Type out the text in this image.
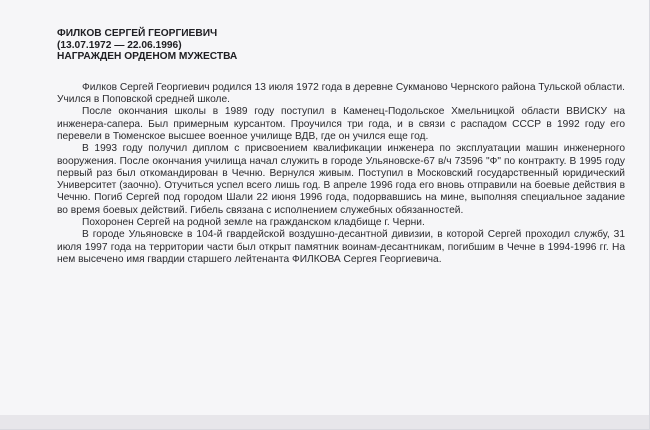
ФИЛКОВ СЕРГЕЙ ГЕОРГИЕВИЧ
(13.07.1972 — 22.06.1996)
НАГРАЖДЕН ОРДЕНОМ МУЖЕСТВА

Филков Сергей Георгиевич родился 13 июля 1972 года в деревне Сукманово Чернского района Тульской области. Учился в Поповской средней школе.

После окончания школы в 1989 году поступил в Каменец-Подольское Хмельницкой области ВВИСКУ на инженера-сапера. Был примерным курсантом. Проучился три года, и в связи с распадом СССР в 1992 году его перевели в Тюменское высшее военное училище ВДВ, где он учился еще год.

В 1993 году получил диплом с присвоением квалификации инженера по эксплуатации машин инженерного вооружения. После окончания училища начал служить в городе Ульяновске-67 в/ч 73596 "Ф" по контракту. В 1995 году первый раз был откомандирован в Чечню. Вернулся живым. Поступил в Московский государственный юридический Университет (заочно). Отучиться успел всего лишь год. В апреле 1996 года его вновь отправили на боевые действия в Чечню. Погиб Сергей под городом Шали 22 июня 1996 года, подорвавшись на мине, выполняя специальное задание во время боевых действий. Гибель связана с исполнением служебных обязанностей.

Похоронен Сергей на родной земле на гражданском кладбище г. Черни.

В городе Ульяновске в 104-й гвардейской воздушно-десантной дивизии, в которой Сергей проходил службу, 31 июля 1997 года на территории части был открыт памятник воинам-десантникам, погибшим в Чечне в 1994-1996 гг. На нем высечено имя гвардии старшего лейтенанта ФИЛКОВА Сергея Георгиевича.
